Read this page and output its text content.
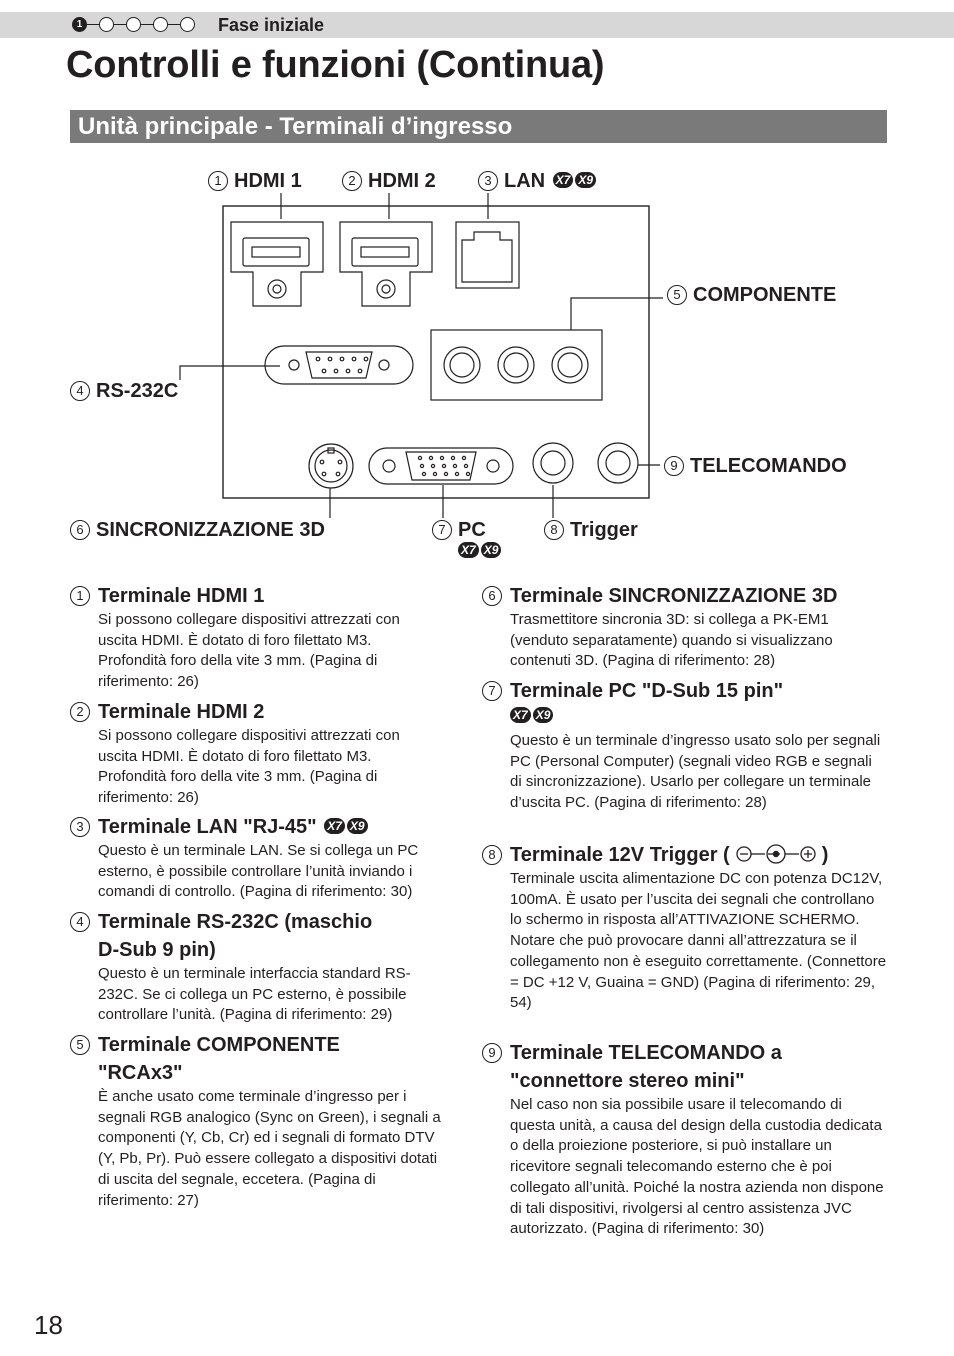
1	Fase iniziale
Controlli e funzioni (Continua)
Unità principale - Terminali d’ingresso
1 HDMI 1	2 HDMI 2	3 LAN X7 X9
5 COMPONENTE
4 RS-232C
9 TELECOMANDO
6 SINCRONIZZAZIONE 3D	7 PC
X7 X9
8 Trigger
1 Terminale HDMI 1
Si possono collegare dispositivi attrezzati con uscita HDMI. È dotato di foro filettato M3. Profondità foro della vite 3 mm. (Pagina di riferimento: 26)
2 Terminale HDMI 2
Si possono collegare dispositivi attrezzati con uscita HDMI. È dotato di foro filettato M3. Profondità foro della vite 3 mm. (Pagina di riferimento: 26)
3 Terminale LAN "RJ-45" X7 X9
Questo è un terminale LAN. Se si collega un PC esterno, è possibile controllare l’unità inviando i comandi di controllo. (Pagina di riferimento: 30)
4 Terminale RS-232C (maschio
D-Sub 9 pin)
Questo è un terminale interfaccia standard RS-232C. Se ci collega un PC esterno, è possibile controllare l’unità. (Pagina di riferimento: 29)
5 Terminale COMPONENTE
"RCAx3"
È anche usato come terminale d’ingresso per i segnali RGB analogico (Sync on Green), i segnali a componenti (Y, Cb, Cr) ed i segnali di formato DTV (Y, Pb, Pr). Può essere collegato a dispositivi dotati di uscita del segnale, eccetera. (Pagina di riferimento: 27)
6 Terminale SINCRONIZZAZIONE 3D
Trasmettitore sincronia 3D: si collega a PK-EM1 (venduto separatamente) quando si visualizzano contenuti 3D. (Pagina di riferimento: 28)
7 Terminale PC "D-Sub 15 pin"
X7 X9
Questo è un terminale d’ingresso usato solo per segnali PC (Personal Computer) (segnali video RGB e segnali di sincronizzazione). Usarlo per collegare un terminale d’uscita PC. (Pagina di riferimento: 28)
8 Terminale 12V Trigger (	)
Terminale uscita alimentazione DC con potenza DC12V, 100mA. È usato per l’uscita dei segnali che controllano lo schermo in risposta all’ATTIVAZIONE SCHERMO. Notare che può provocare danni all’attrezzatura se il collegamento non è eseguito correttamente. (Connettore = DC +12 V, Guaina = GND) (Pagina di riferimento: 29, 54)
9 Terminale TELECOMANDO a
"connettore stereo mini"
Nel caso non sia possibile usare il telecomando di questa unità, a causa del design della custodia dedicata o della proiezione posteriore, si può installare un ricevitore segnali telecomando esterno che è poi collegato all’unità. Poiché la nostra azienda non dispone di tali dispositivi, rivolgersi al centro assistenza JVC autorizzato. (Pagina di riferimento: 30)
18
